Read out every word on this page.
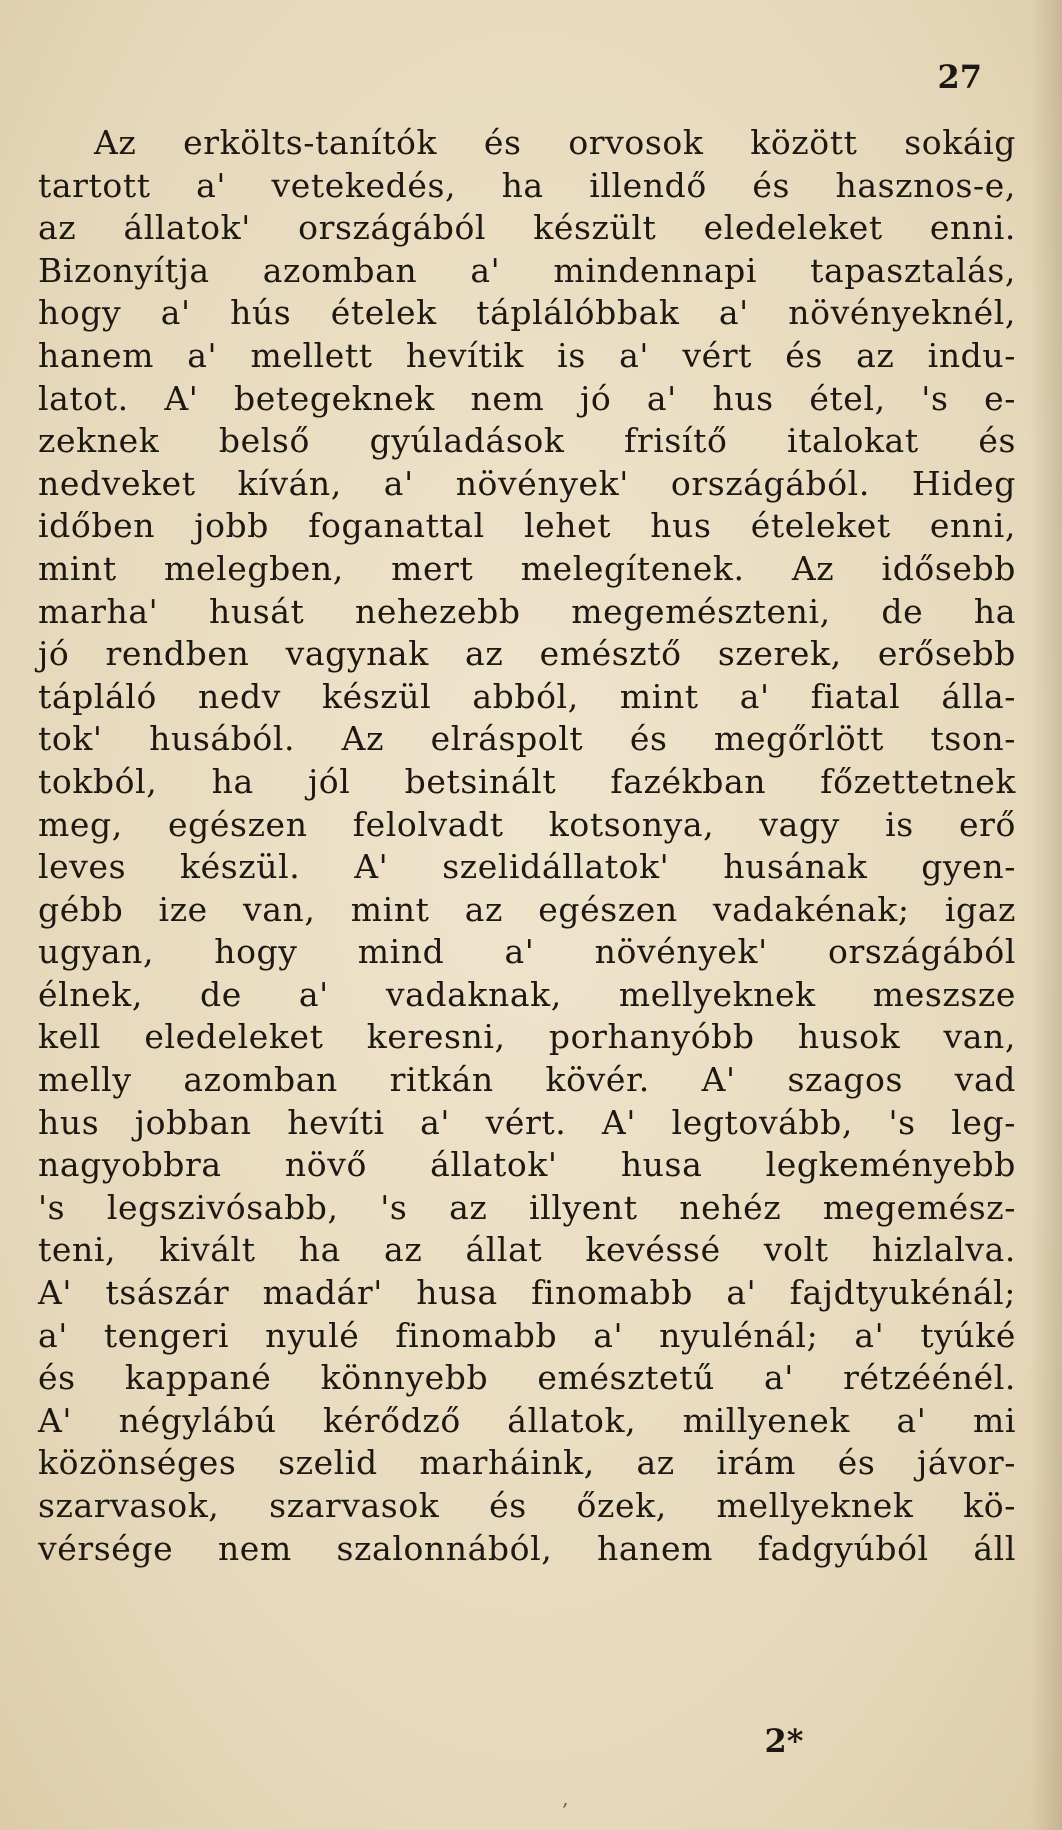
27
Az erkölts-tanítók és orvosok között sokáig
tartott a' vetekedés, ha illendő és hasznos-e,
az állatok' országából készült eledeleket enni.
Bizonyítja azomban a' mindennapi tapasztalás,
hogy a' hús ételek táplálóbbak a' növényeknél,
hanem a' mellett hevítik is a' vért és az indu-
latot. A' betegeknek nem jó a' hus étel, 's e-
zeknek belső gyúladások frisítő italokat és
nedveket kíván, a' növények' országából. Hideg
időben jobb foganattal lehet hus ételeket enni,
mint melegben, mert melegítenek. Az idősebb
marha' husát nehezebb megemészteni, de ha
jó rendben vagynak az emésztő szerek, erősebb
tápláló nedv készül abból, mint a' fiatal álla-
tok' husából. Az elráspolt és megőrlött tson-
tokból, ha jól betsinált fazékban főzettetnek
meg, egészen felolvadt kotsonya, vagy is erő
leves készül. A' szelidállatok' husának gyen-
gébb ize van, mint az egészen vadakénak; igaz
ugyan, hogy mind a' növények' országából
élnek, de a' vadaknak, mellyeknek meszsze
kell eledeleket keresni, porhanyóbb husok van,
melly azomban ritkán kövér. A' szagos vad
hus jobban hevíti a' vért. A' legtovább, 's leg-
nagyobbra növő állatok' husa legkeményebb
's legszivósabb, 's az illyent nehéz megemész-
teni, kivált ha az állat kevéssé volt hizlalva.
A' tsászár madár' husa finomabb a' fajdtyukénál;
a' tengeri nyulé finomabb a' nyulénál; a' tyúké
és kappané könnyebb emésztetű a' rétzéénél.
A' négylábú kérődző állatok, millyenek a' mi
közönséges szelid marháink, az irám és jávor-
szarvasok, szarvasok és őzek, mellyeknek kö-
vérsége nem szalonnából, hanem fadgyúból áll
2*
‚
